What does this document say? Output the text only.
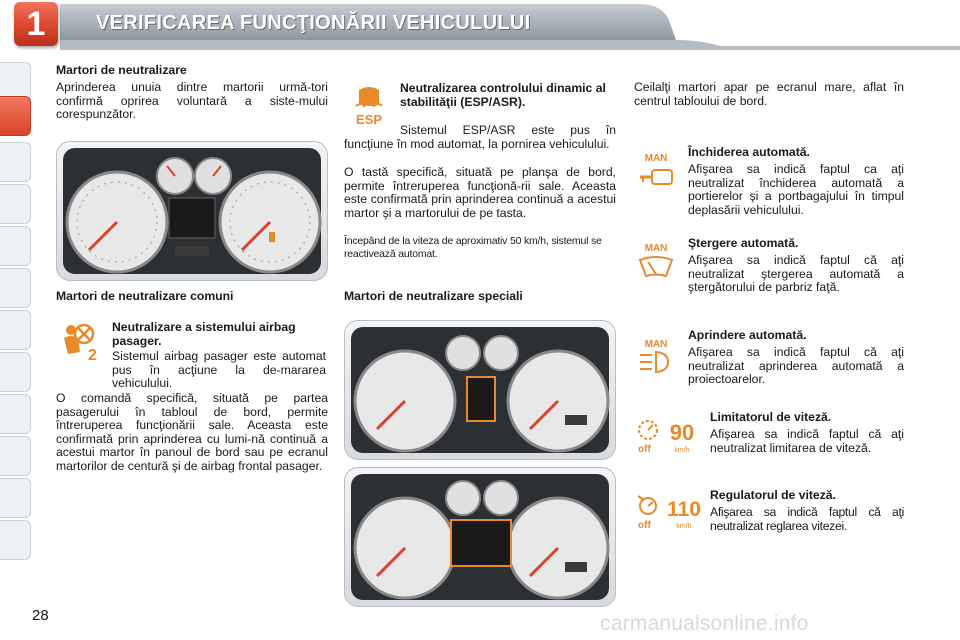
1	VERIFICAREA FUNCŢIONĂRII VEHICULULUI
Martori de neutralizare
Aprinderea unuia dintre martorii urmă-tori confirmă oprirea voluntară a siste-mului corespunzător.
Martori de neutralizare comuni
2
Neutralizare a sistemului airbag pasager.
Sistemul airbag pasager este automat pus în acţiune la de-mararea vehiculului.
O comandă specifică, situată pe partea pasagerului în tabloul de bord, permite întreruperea funcţionării sale. Aceasta este confirmată prin aprinderea cu lumi-nă continuă a acestui martor în panoul de bord sau pe ecranul martorilor de centură şi de airbag frontal pasager.
ESP
Neutralizarea controlului dinamic al stabilităţii (ESP/ASR).
Sistemul ESP/ASR este pus în funcţiune în mod automat, la pornirea vehiculului.
O tastă specifică, situată pe planşa de bord, permite întreruperea funcţionă-rii sale. Aceasta este confirmată prin aprinderea continuă a acestui martor şi a martorului de pe tasta.
Începând de la viteza de aproximativ 50 km/h, sistemul se reactivează automat.
Martori de neutralizare speciali
Ceilalţi martori apar pe ecranul mare, aflat în centrul tabloului de bord.
MAN Închiderea automată.
Afişarea sa indică faptul ca aţi neutralizat închiderea automată a portierelor şi a portbagajului în timpul deplasării vehiculului.
MAN Ştergere automată.
Afişarea sa indică faptul că aţi neutralizat ştergerea automată a ştergătorului de parbriz faţă.
MAN
Aprindere automată.
Afişarea sa indică faptul că aţi neutralizat aprinderea automată a proiectoarelor.
off
90
km/h
Limitatorul de viteză.
Afişarea sa indică faptul că aţi neutralizat limitarea de viteză.
off
110
km/h
Regulatorul de viteză.
Afişarea sa indică faptul că aţi neutralizat reglarea vitezei.
28	carmanualsonline.info
